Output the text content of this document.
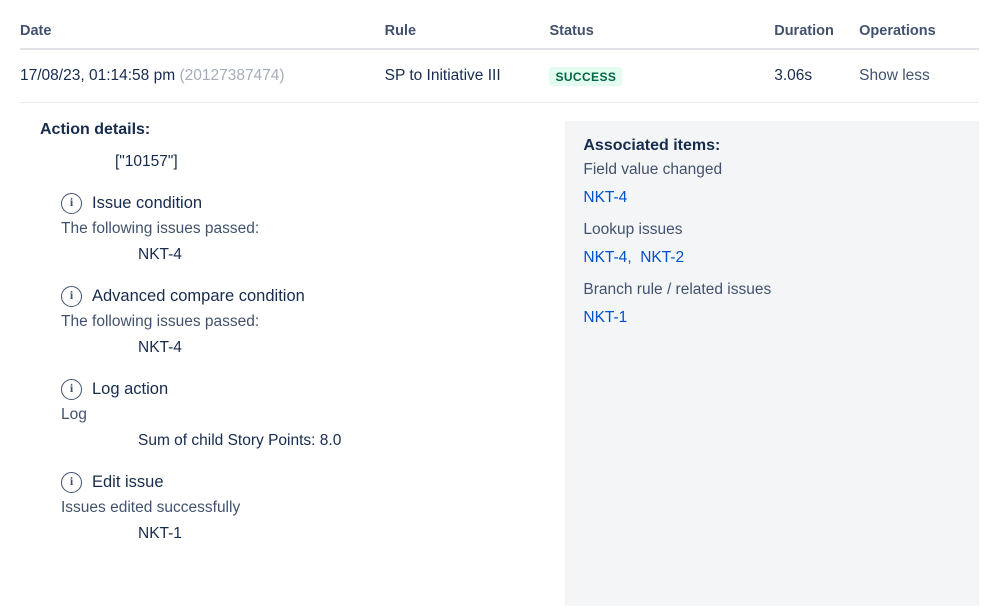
Date	Rule	Status	Duration	Operations
17/08/23, 01:14:58 pm (20127387474)	SP to Initiative III	SUCCESS	3.06s	Show less
Action details:
["10157"]
i	Issue condition
The following issues passed:
NKT-4
i	Advanced compare condition
The following issues passed:
NKT-4
i	Log action
Log
Sum of child Story Points: 8.0
i	Edit issue
Issues edited successfully
NKT-1
Associated items:
Field value changed
NKT-4
Lookup issues
NKT-4,  NKT-2
Branch rule / related issues
NKT-1
